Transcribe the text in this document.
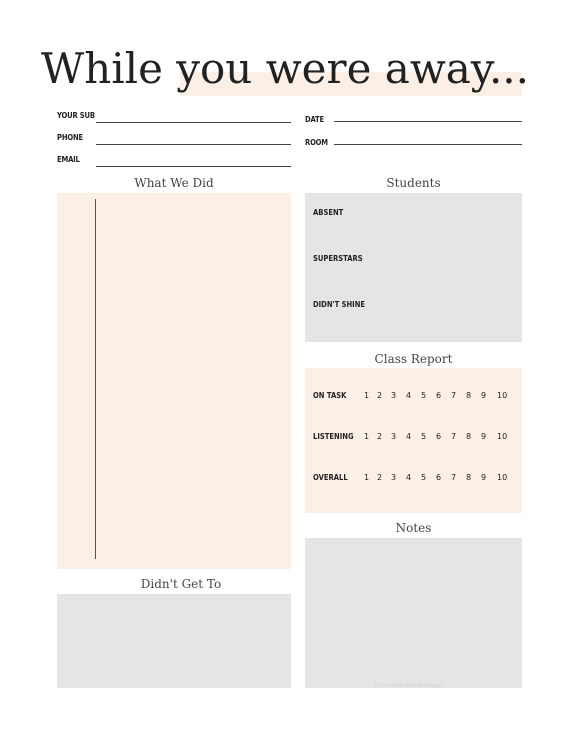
While you were away...
YOUR SUB
PHONE
EMAIL
DATE
ROOM
What We Did
Didn't Get To
Students
ABSENT
SUPERSTARS
DIDN'T SHINE
Class Report
ON TASK 1 2 3 4 5 6 7 8 9 10
LISTENING 1 2 3 4 5 6 7 8 9 10
OVERALL 1 2 3 4 5 6 7 8 9 10
Notes
© The Teacher Materials Group Inc.
